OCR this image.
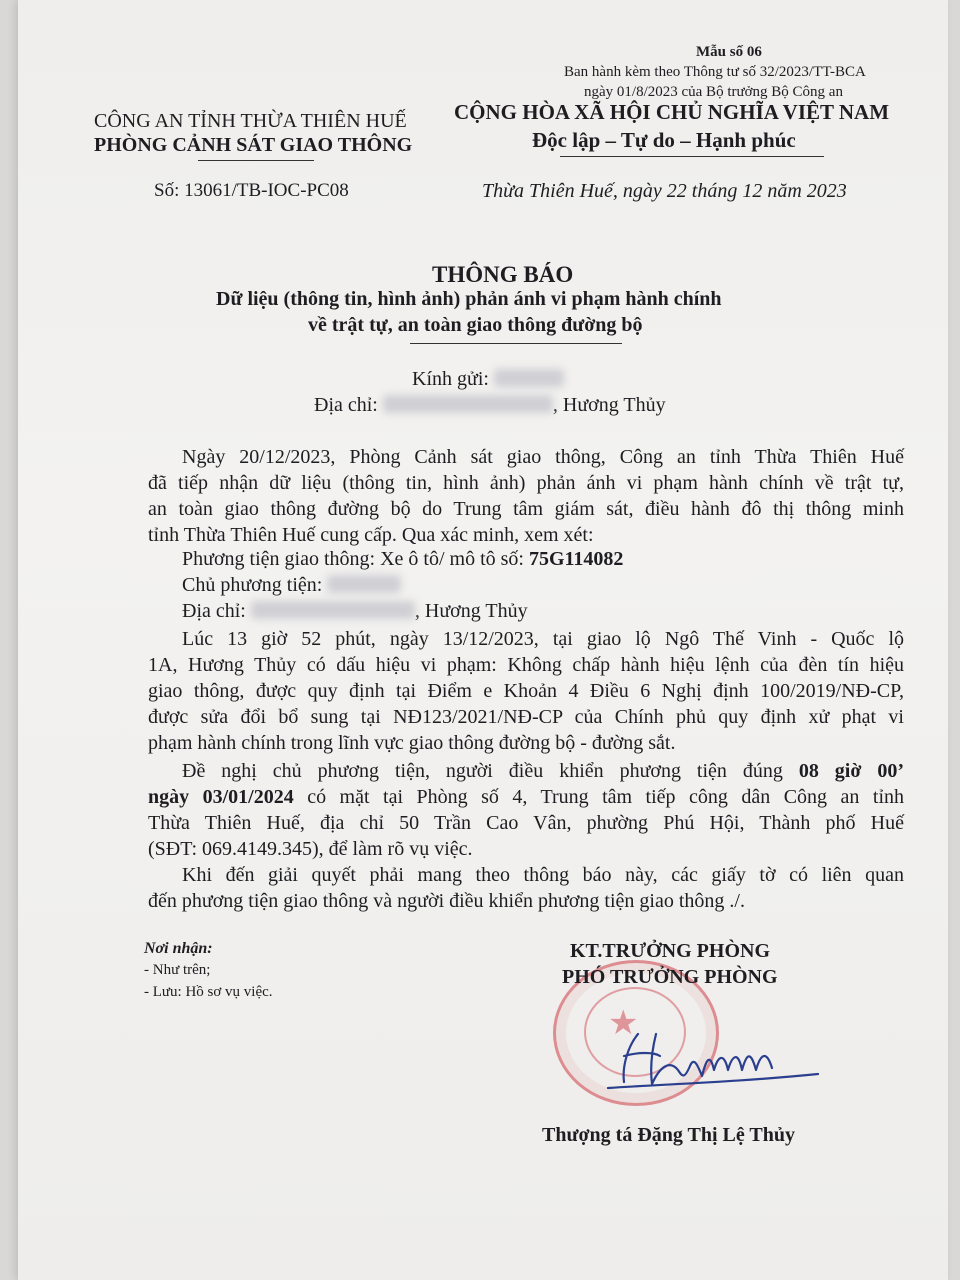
Mẫu số 06
Ban hành kèm theo Thông tư số 32/2023/TT-BCA
ngày 01/8/2023 của Bộ trưởng Bộ Công an
CÔNG AN TỈNH THỪA THIÊN HUẾ
PHÒNG CẢNH SÁT GIAO THÔNG
CỘNG HÒA XÃ HỘI CHỦ NGHĨA VIỆT NAM
Độc lập – Tự do – Hạnh phúc
Số: 13061/TB-IOC-PC08	Thừa Thiên Huế, ngày 22 tháng 12 năm 2023
THÔNG BÁO
Dữ liệu (thông tin, hình ảnh) phản ánh vi phạm hành chính
về trật tự, an toàn giao thông đường bộ
Kính gửi:
Địa chỉ:	, Hương Thủy
Ngày 20/12/2023, Phòng Cảnh sát giao thông, Công an tỉnh Thừa Thiên Huế
đã tiếp nhận dữ liệu (thông tin, hình ảnh) phản ánh vi phạm hành chính về trật tự,
an toàn giao thông đường bộ do Trung tâm giám sát, điều hành đô thị thông minh
tỉnh Thừa Thiên Huế cung cấp. Qua xác minh, xem xét:
Phương tiện giao thông: Xe ô tô/ mô tô số: 75G114082
Chủ phương tiện:
Địa chỉ:	, Hương Thủy
Lúc 13 giờ 52 phút, ngày 13/12/2023, tại giao lộ Ngô Thế Vinh - Quốc lộ
1A, Hương Thủy có dấu hiệu vi phạm: Không chấp hành hiệu lệnh của đèn tín hiệu
giao thông, được quy định tại Điểm e Khoản 4 Điều 6 Nghị định 100/2019/NĐ-CP,
được sửa đổi bổ sung tại NĐ123/2021/NĐ-CP của Chính phủ quy định xử phạt vi
phạm hành chính trong lĩnh vực giao thông đường bộ - đường sắt.
Đề nghị chủ phương tiện, người điều khiển phương tiện đúng 08 giờ 00’
ngày 03/01/2024 có mặt tại Phòng số 4, Trung tâm tiếp công dân Công an tỉnh
Thừa Thiên Huế, địa chỉ 50 Trần Cao Vân, phường Phú Hội, Thành phố Huế
(SĐT: 069.4149.345), để làm rõ vụ việc.
Khi đến giải quyết phải mang theo thông báo này, các giấy tờ có liên quan
đến phương tiện giao thông và người điều khiển phương tiện giao thông ./.
Nơi nhận:
- Như trên;
- Lưu: Hồ sơ vụ việc.
★
KT.TRƯỞNG PHÒNG
PHÓ TRƯỞNG PHÒNG
Thượng tá Đặng Thị Lệ Thủy
